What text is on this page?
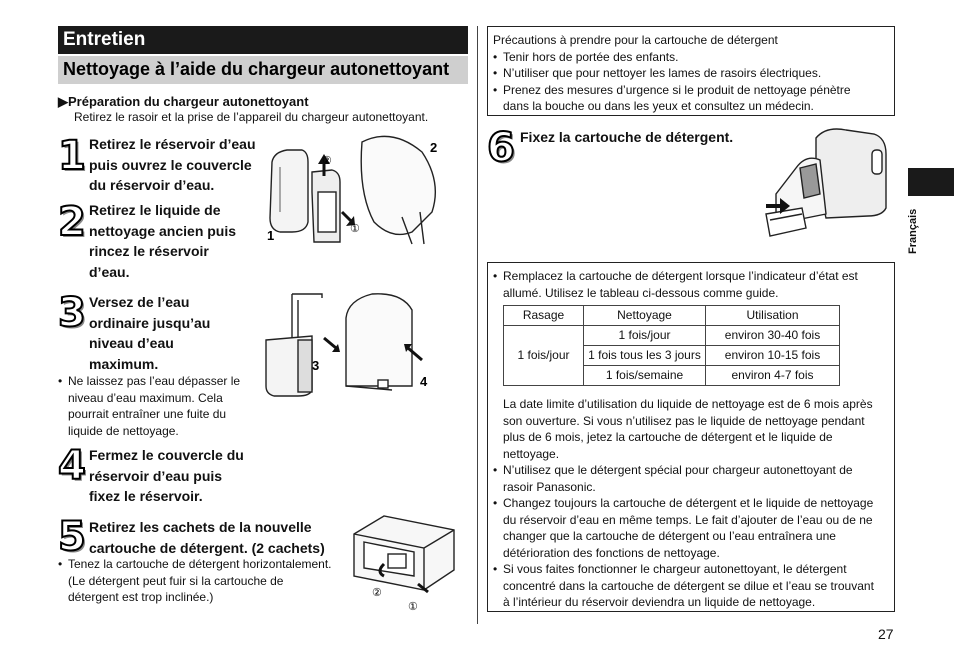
Entretien
Nettoyage à l’aide du chargeur autonettoyant
▶Préparation du chargeur autonettoyant
Retirez le rasoir et la prise de l’appareil du chargeur autonettoyant.
1 Retirez le réservoir d’eau
puis ouvrez le couvercle
du réservoir d’eau.
2 Retirez le liquide de
nettoyage ancien puis
rincez le réservoir
d’eau.
1
2
②
①
3 Versez de l’eau
ordinaire jusqu’au
niveau d’eau
maximum.
• Ne laissez pas l’eau dépasser le
niveau d’eau maximum. Cela
pourrait entraîner une fuite du
liquide de nettoyage.
3
4
4 Fermez le couvercle du
réservoir d’eau puis
fixez le réservoir.
5 Retirez les cachets de la nouvelle
cartouche de détergent. (2 cachets)
• Tenez la cartouche de détergent horizontalement.
(Le détergent peut fuir si la cartouche de
détergent est trop inclinée.)	②
①
Précautions à prendre pour la cartouche de détergent
• Tenir hors de portée des enfants.
• N’utiliser que pour nettoyer les lames de rasoirs électriques.
• Prenez des mesures d’urgence si le produit de nettoyage pénètre
dans la bouche ou dans les yeux et consultez un médecin.
6 Fixez la cartouche de détergent.
• Remplacez la cartouche de détergent lorsque l’indicateur d’état est
allumé. Utilisez le tableau ci-dessous comme guide.
Rasage	Nettoyage	Utilisation
1 fois/jour	1 fois/jour	environ 30-40 fois
	1 fois tous les 3 jours	environ 10-15 fois
	1 fois/semaine	environ 4-7 fois
La date limite d’utilisation du liquide de nettoyage est de 6 mois après
son ouverture. Si vous n’utilisez pas le liquide de nettoyage pendant
plus de 6 mois, jetez la cartouche de détergent et le liquide de
nettoyage.
• N’utilisez que le détergent spécial pour chargeur autonettoyant de
rasoir Panasonic.
• Changez toujours la cartouche de détergent et le liquide de nettoyage
du réservoir d’eau en même temps. Le fait d’ajouter de l’eau ou de ne
changer que la cartouche de détergent ou l’eau entraînera une
détérioration des fonctions de nettoyage.
• Si vous faites fonctionner le chargeur autonettoyant, le détergent
concentré dans la cartouche de détergent se dilue et l’eau se trouvant
à l’intérieur du réservoir deviendra un liquide de nettoyage.
Français
27
